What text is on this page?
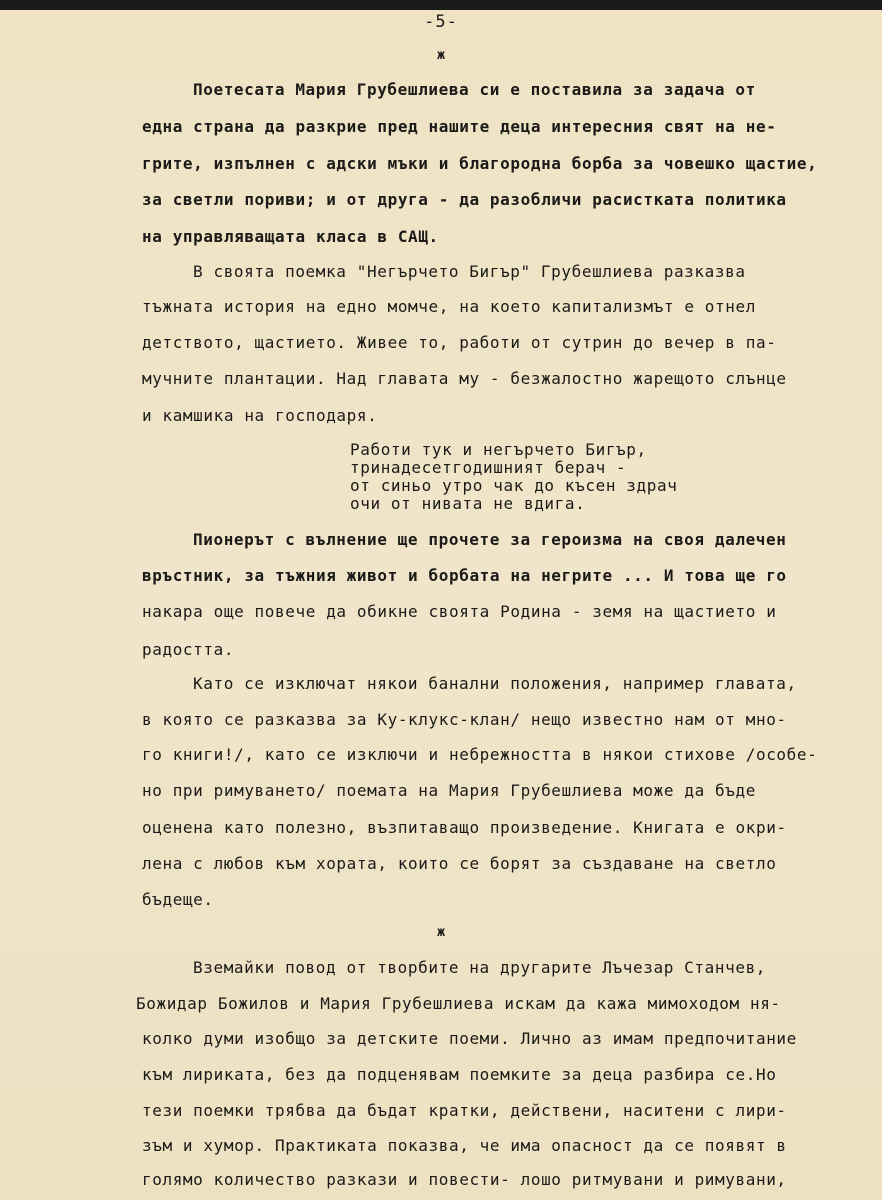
-5-
ж
Поетесата Мария Грубешлиева си е поставила за задача от
една страна да разкрие пред нашите деца интересния свят на не-
грите, изпълнен с адски мъки и благородна борба за човешко щастие,
за светли пориви; и от друга - да разобличи расистката политика
на управляващата класа в САЩ.
В своята поемка "Негърчето Бигър" Грубешлиева разказва
тъжната история на едно момче, на което капитализмът е отнел
детството, щастието. Живее то, работи от сутрин до вечер в па-
мучните плантации. Над главата му - безжалостно жарещото слънце
и камшика на господаря.
Работи тук и негърчето Бигър,
тринадесетгодишният берач -
от синьо утро чак до късен здрач
очи от нивата не вдига.
Пионерът с вълнение ще прочете за героизма на своя далечен
връстник, за тъжния живот и борбата на негрите ... И това ще го
накара още повече да обикне своята Родина - земя на щастието и
радостта.
Като се изключат някои банални положения, например главата,
в която се разказва за Ку-клукс-клан/ нещо известно нам от мно-
го книги!/, като се изключи и небрежността в някои стихове /особе-
но при римуването/ поемата на Мария Грубешлиева може да бъде
оценена като полезно, възпитаващо произведение. Книгата е окри-
лена с любов към хората, които се борят за създаване на светло
бъдеще.
ж
Вземайки повод от творбите на другарите Лъчезар Станчев,
Божидар Божилов и Мария Грубешлиева искам да кажа мимоходом ня-
колко думи изобщо за детските поеми. Лично аз имам предпочитание
към лириката, без да подценявам поемките за деца разбира се.Но
тези поемки трябва да бъдат кратки, действени, наситени с лири-
зъм и хумор. Практиката показва, че има опасност да се появят в
голямо количество разкази и повести- лошо ритмувани и римувани,
